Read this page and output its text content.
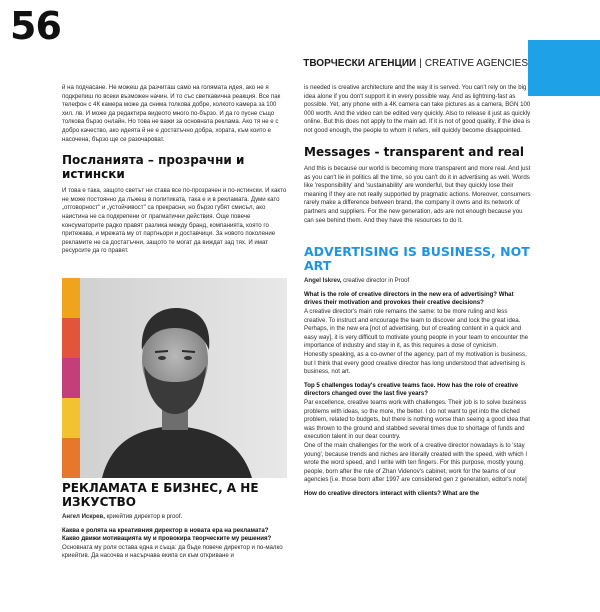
56
ТВОРЧЕСКИ АГЕНЦИИ | CREATIVE AGENCIES

й на подчасане. Не можеш да разчиташ само на голямата идея, ако не я подкрепиш по всеки възможен начин. И то със светкавична реакция. Все пак телефон с 4К камера може да снима толкова добре, колкото камера за 100 хил. лв. И може да редактира видеото много по-бързо. И да го пусне също толкова бързо онлайн. Но това не важи за основната реклама. Ако тя не е с добро качество, ако идеята й не е достатъчно добра, хората, към които е насочена, бързо ще се разочароват.

Посланията – прозрачни и истински

И това е така, защото светът ни става все по-прозрачен и по-истински. И както не може постоянно да лъжеш в политиката, така е и в рекламата. Думи като „отговорност" и „устойчивост" са прекрасни, но бързо губят смисъл, ако наистина не са подкрепени от прагматични действия. Още повече консуматорите радко правят разлика между бранд, компанията, която го притежава, и мрежата му от партньори и доставчици. За новото поколение рекламите не са достатъчни, защото те могат да виждат зад тях. И имат ресурсите да го правят.

РЕКЛАМАТА Е БИЗНЕС, А НЕ ИЗКУСТВО

Ангел Искрев, криейтив директор в proof.

Каква е ролята на креативния директор в новата ера на рекламата? Какво движи мотивацията му и провокира творческите му решения?

Основната му роля остава една и съща: да бъде повече директор и по-малко криейтив. Да насочва и насърчава екипа си към откриване и

is needed is creative architecture and the way it is served. You can't rely on the big idea alone if you don't support it in every possible way. And as lightning-fast as possible. Yet, any phone with a 4K camera can take pictures as a camera, BGN 100 000 worth. And the video can be edited very quickly. Also to release it just as quickly online. But this does not apply to the main ad. If it is not of good quality, if the idea is not good enough, the people to whom it refers, will quickly become disappointed.

Messages - transparent and real

And this is because our world is becoming more transparent and more real. And just as you can't lie in politics all the time, so you can't do it in advertising as well. Words like 'responsibility' and 'sustainability' are wonderful, but they quickly lose their meaning if they are not really supported by pragmatic actions. Moreover, consumers rarely make a difference between brand, the company it owns and its network of partners and suppliers. For the new generation, ads are not enough because you can see behind them. And they have the resources to do it.

ADVERTISING IS BUSINESS, NOT ART

Angel Iskrev, creative director in Proof

What is the role of creative directors in the new era of advertising? What drives their motivation and provokes their creative decisions?

A creative director's main role remains the same: to be more ruling and less creative. To instruct and encourage the team to discover and lock the great idea. Perhaps, in the new era [not of advertising, but of creating content in a quick and easy way], it is very difficult to motivate young people in your team to encounter the importance of industry and stay in it, as this requires a dose of cynicism.

Honestly speaking, as a co-owner of the agency, part of my motivation is business, but I think that every good creative director has long understood that advertising is business, not art.

Top 5 challenges today's creative teams face. How has the role of creative directors changed over the last five years?

Par excellence, creative teams work with challenges. Their job is to solve business problems with ideas, so the more, the better. I do not want to get into the cliched problem, related to budgets, but there is nothing worse than seeing a good idea that was thrown to the ground and stabbed several times due to shortage of funds and execution talent in our dear country.

One of the main challenges for the work of a creative director nowadays is to 'stay young', because trends and niches are literally created with the speed, with which I wrote the word speed, and I write with ten fingers. For this purpose, mostly young people, born after the rule of Zhan Videnov's cabinet, work for the teams of our agencies [i.e. those born after 1997 are considered gen z generation, editor's note]

How do creative directors interact with clients? What are the
